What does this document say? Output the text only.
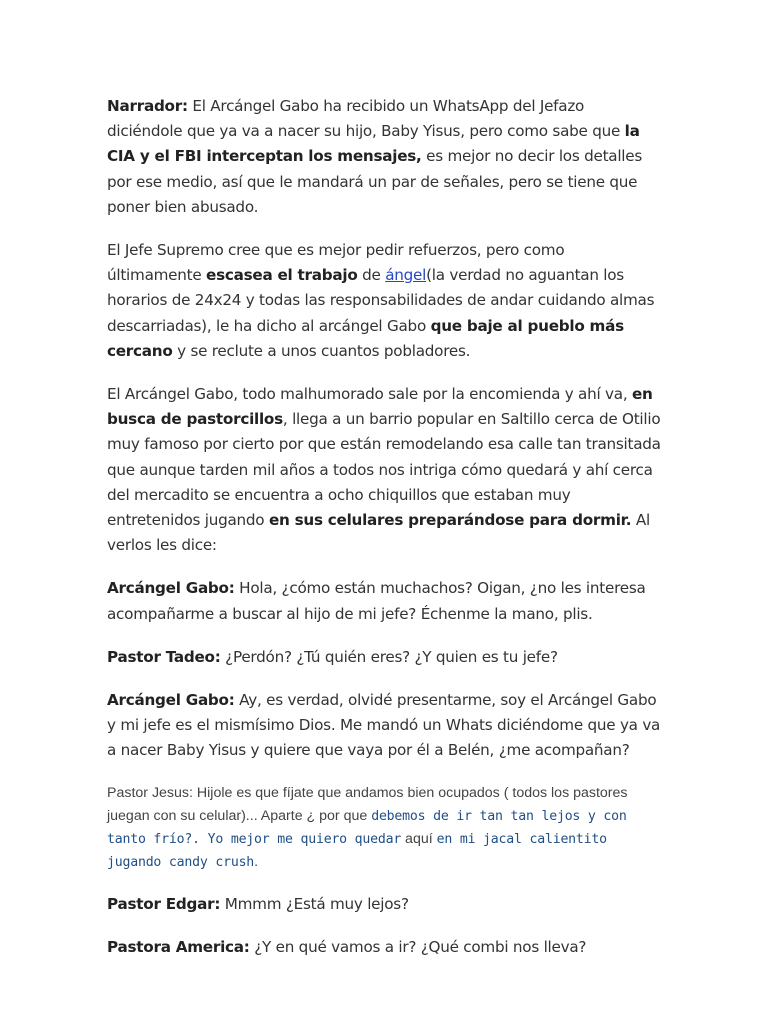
Narrador: El Arcángel Gabo ha recibido un WhatsApp del Jefazo diciéndole que ya va a nacer su hijo, Baby Yisus, pero como sabe que la CIA y el FBI interceptan los mensajes, es mejor no decir los detalles por ese medio, así que le mandará un par de señales, pero se tiene que poner bien abusado.

El Jefe Supremo cree que es mejor pedir refuerzos, pero como últimamente escasea el trabajo de ángel(la verdad no aguantan los horarios de 24x24 y todas las responsabilidades de andar cuidando almas descarriadas), le ha dicho al arcángel Gabo que baje al pueblo más cercano y se reclute a unos cuantos pobladores.

El Arcángel Gabo, todo malhumorado sale por la encomienda y ahí va, en busca de pastorcillos, llega a un barrio popular en Saltillo cerca de Otilio muy famoso por cierto por que están remodelando esa calle tan transitada que aunque tarden mil años a todos nos intriga cómo quedará y ahí cerca del mercadito se encuentra a ocho chiquillos que estaban muy entretenidos jugando en sus celulares preparándose para dormir. Al verlos les dice:

Arcángel Gabo: Hola, ¿cómo están muchachos? Oigan, ¿no les interesa acompañarme a buscar al hijo de mi jefe? Échenme la mano, plis.

Pastor Tadeo: ¿Perdón? ¿Tú quién eres? ¿Y quien es tu jefe?

Arcángel Gabo: Ay, es verdad, olvidé presentarme, soy el Arcángel Gabo y mi jefe es el mismísimo Dios. Me mandó un Whats diciéndome que ya va a nacer Baby Yisus y quiere que vaya por él a Belén, ¿me acompañan?

Pastor Jesus: Hijole es que fíjate que andamos bien ocupados ( todos los pastores juegan con su celular)... Aparte ¿ por que debemos de ir tan tan lejos y con tanto frío?. Yo mejor me quiero quedar aquí en mi jacal calientito jugando candy crush.

Pastor Edgar: Mmmm ¿Está muy lejos?

Pastora America: ¿Y en qué vamos a ir? ¿Qué combi nos lleva?
